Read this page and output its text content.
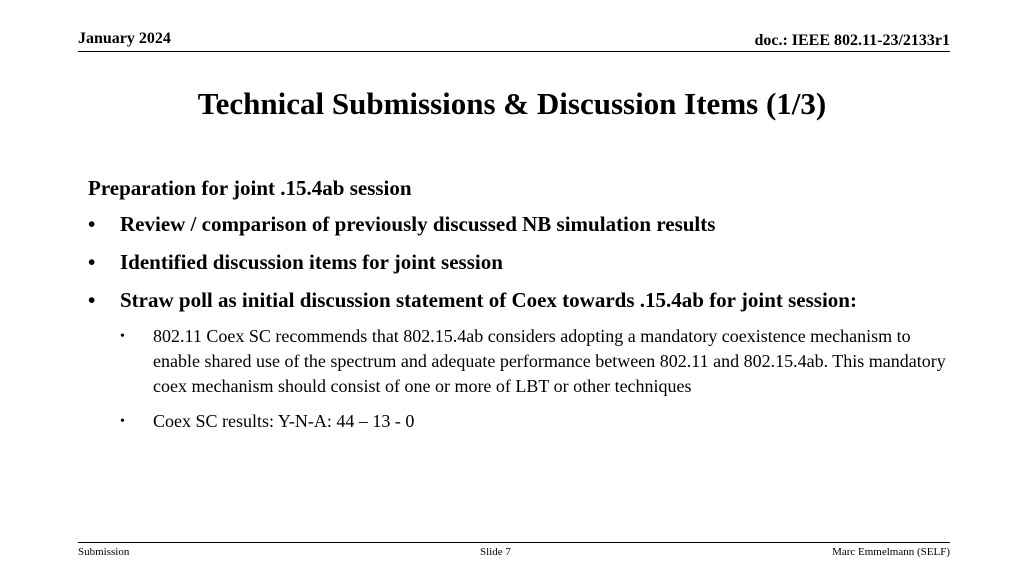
January 2024	doc.: IEEE 802.11-23/2133r1
Technical Submissions & Discussion Items (1/3)
Preparation for joint .15.4ab session
• Review / comparison of previously discussed NB simulation results
• Identified discussion items for joint session
• Straw poll as initial discussion statement of Coex towards .15.4ab for joint session:
• 802.11 Coex SC recommends that 802.15.4ab considers adopting a mandatory coexistence mechanism to enable shared use of the spectrum and adequate performance between 802.11 and 802.15.4ab. This mandatory coex mechanism should consist of one or more of LBT or other techniques
• Coex SC results: Y-N-A: 44 – 13 - 0
Submission	Slide 7	Marc Emmelmann (SELF)
